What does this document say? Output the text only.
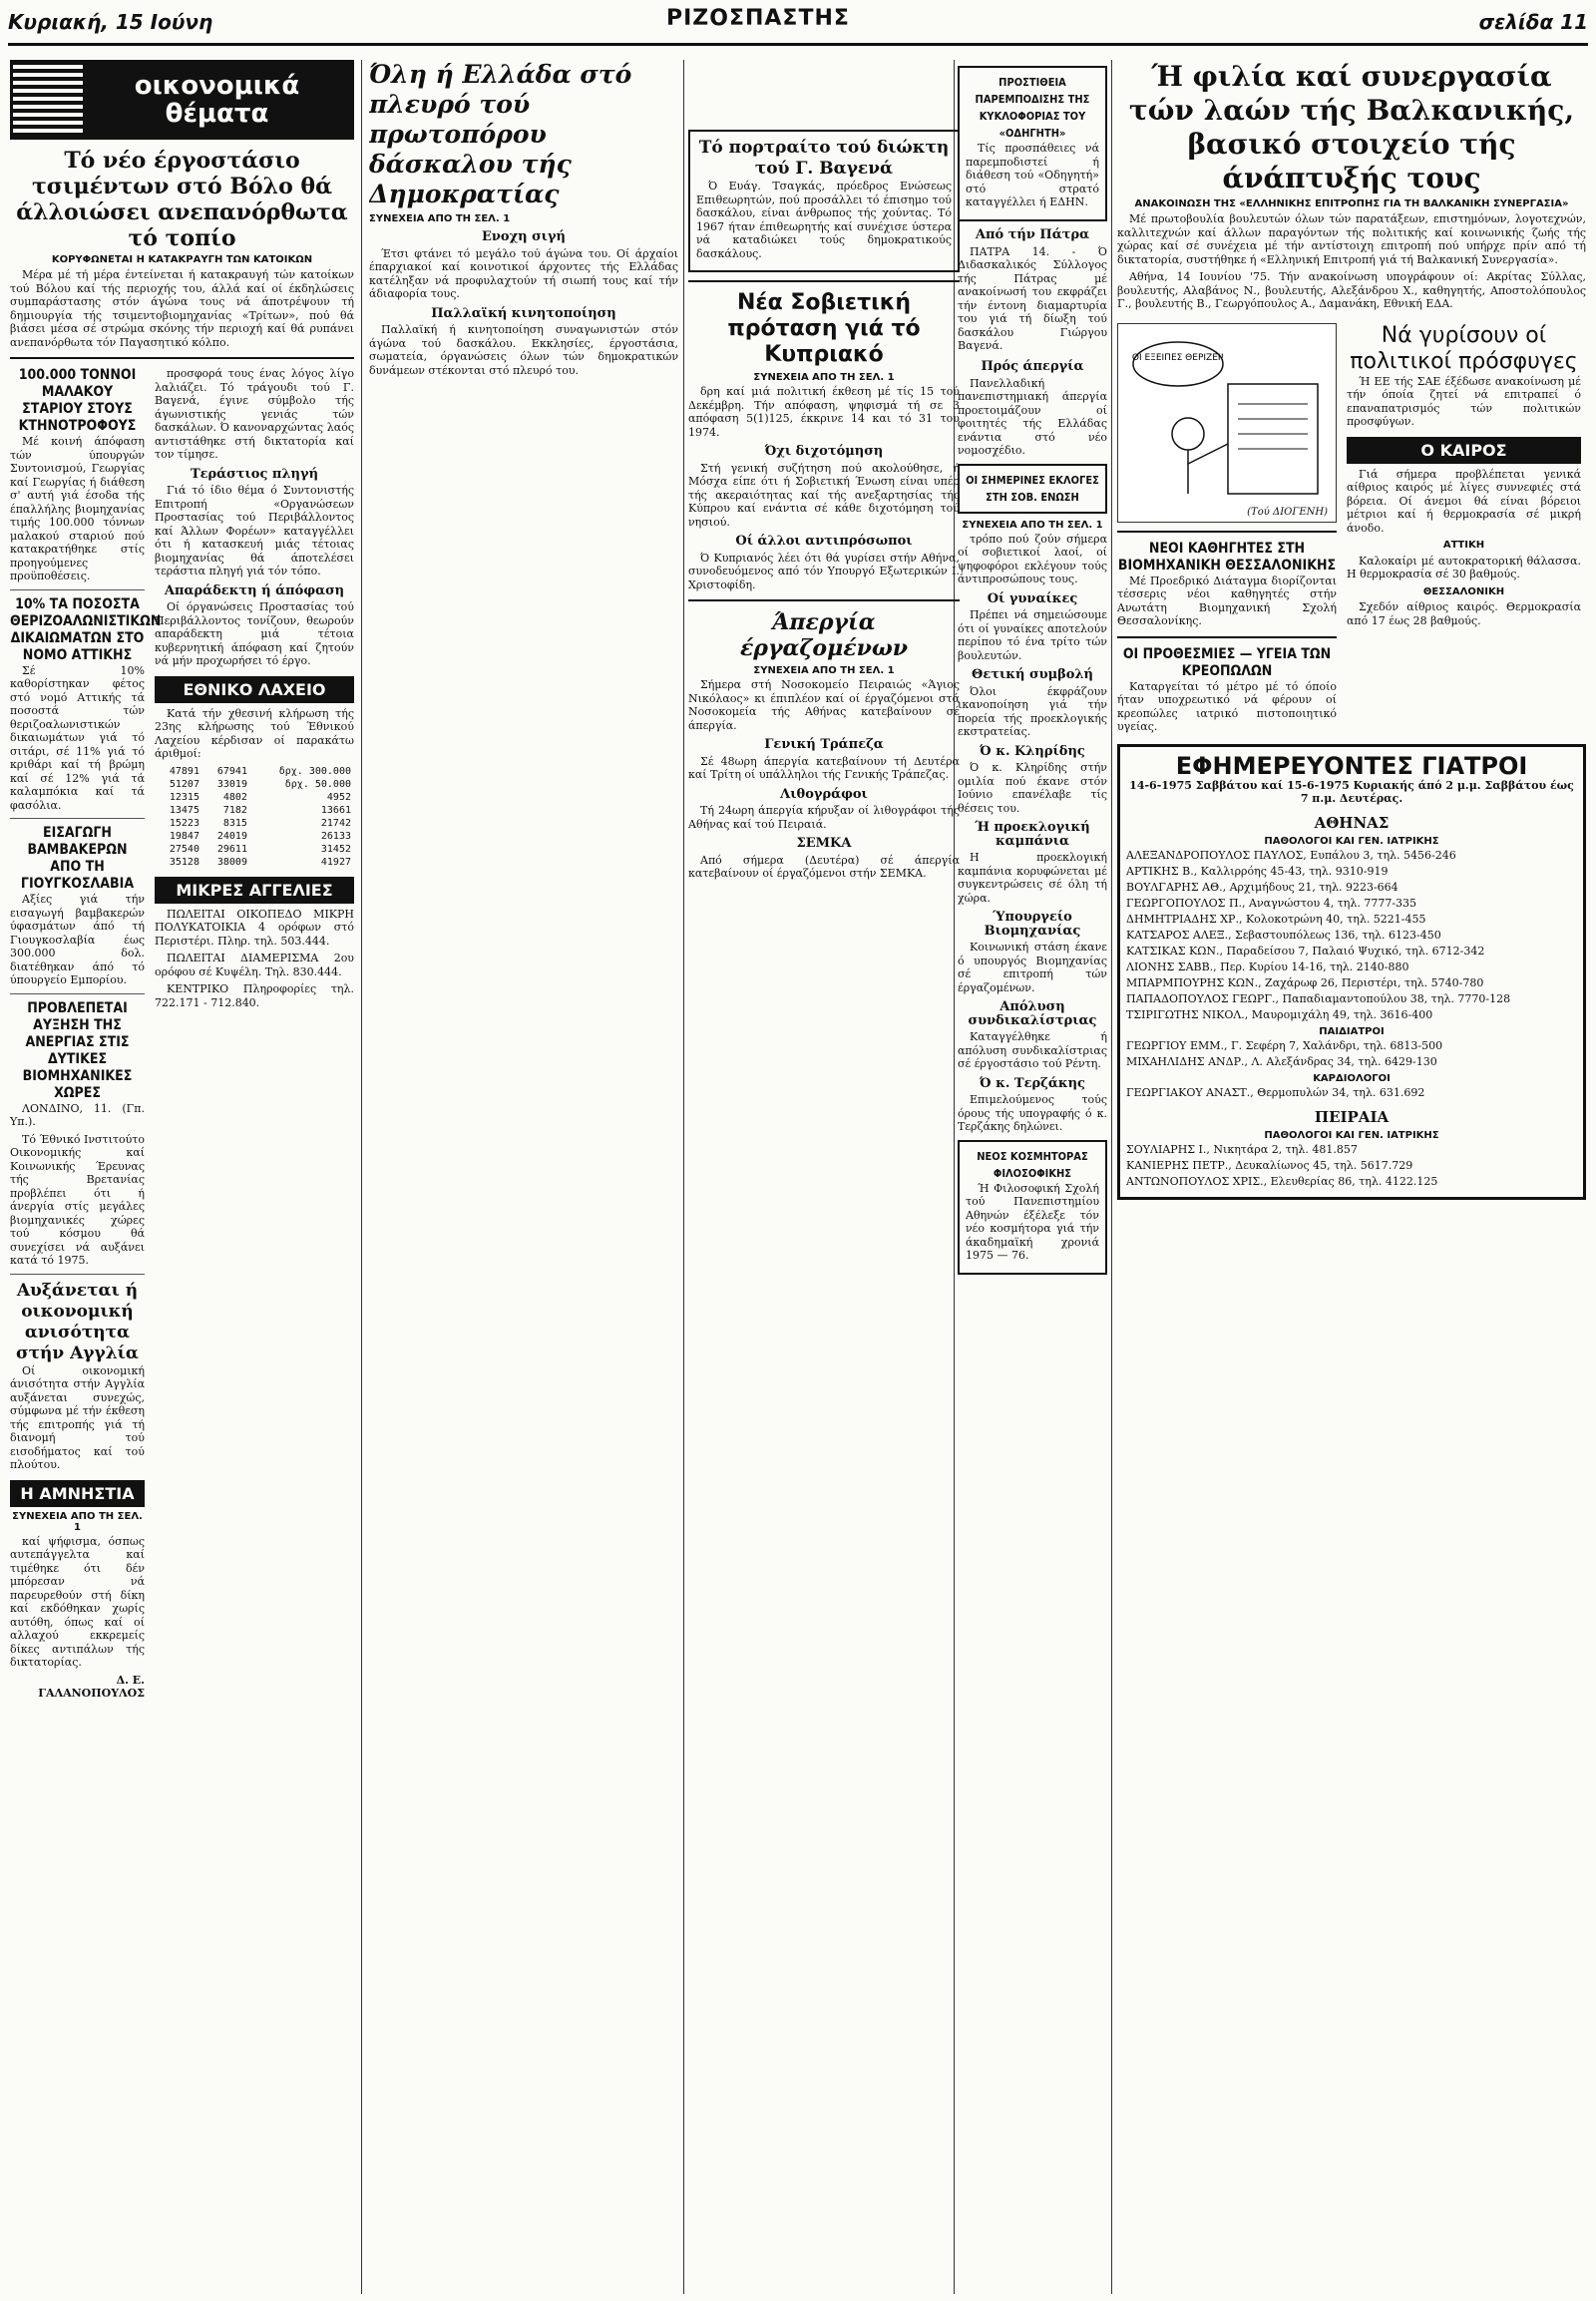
Κυριακή, 15 Ιούνη	ΡΙΖΟΣΠΑΣΤΗΣ	σελίδα 11
οικονομικά
θέματα
Τό νέο έργοστάσιο τσιμέντων στό Βόλο θά άλλοιώσει ανεπανόρθωτα τό τοπίο
ΚΟΡΥΦΩΝΕΤΑΙ Η ΚΑΤΑΚΡΑΥΓΗ ΤΩΝ ΚΑΤΟΙΚΩΝ

Μέρα μέ τή μέρα έντείνεται ή κατακραυγή τών κατοίκων τού Βόλου καί τής περιοχής του, άλλά καί οί έκδηλώσεις συμπαράστασης στόν άγώνα τους νά άποτρέψουν τή δημιουργία τής τσιμεντοβιομηχανίας «Τρίτων», πού θά βιάσει μέσα σέ στρώμα σκόνης τήν περιοχή καί θά ρυπάνει ανεπανόρθωτα τόν Παγασητικό κόλπο.

100.000 ΤΟΝΝΟΙ ΜΑΛΑΚΟΥ ΣΤΑΡΙΟΥ ΣΤΟΥΣ ΚΤΗΝΟΤΡΟΦΟΥΣ

Μέ κοινή άπόφαση τών ύπουργών Συντονισμού, Γεωργίας καί Γεωργίας ή διάθεση σ' αυτή γιά έσοδα τής έπαλλήλης βιομηχανίας τιμής 100.000 τόννων μαλακού σταριού πού κατακρατήθηκε στίς προηγούμενες προϋποθέσεις.

10% ΤΑ ΠΟΣΟΣΤΑ ΘΕΡΙΖΟΑΛΩΝΙΣΤΙΚΩΝ ΔΙΚΑΙΩΜΑΤΩΝ ΣΤΟ ΝΟΜΟ ΑΤΤΙΚΗΣ

Σέ 10% καθορίστηκαν φέτος στό νομό Αττικής τά ποσοστά τών θεριζοαλωνιστικών δικαιωμάτων γιά τό σιτάρι, σέ 11% γιά τό κριθάρι καί τή βρώμη καί σέ 12% γιά τά καλαμπόκια καί τά φασόλια.

ΕΙΣΑΓΩΓΗ ΒΑΜΒΑΚΕΡΩΝ ΑΠΟ ΤΗ ΓΙΟΥΓΚΟΣΛΑΒΙΑ

Αξίες γιά τήν εισαγωγή βαμβακερών ύφασμάτων άπό τή Γιουγκοσλαβία έως 300.000 δολ. διατέθηκαν άπό τό ύπουργείο Εμπορίου.

ΠΡΟΒΛΕΠΕΤΑΙ ΑΥΞΗΣΗ ΤΗΣ ΑΝΕΡΓΙΑΣ ΣΤΙΣ ΔΥΤΙΚΕΣ ΒΙΟΜΗΧΑΝΙΚΕΣ ΧΩΡΕΣ

ΛΟΝΔΙΝΟ, 11. (Γπ. Υπ.).

Τό Έθνικό Ινστιτούτο Οικονομικής καί Κοινωνικής Έρευνας τής Βρετανίας προβλέπει ότι ή άνεργία στίς μεγάλες βιομηχανικές χώρες τού κόσμου θά συνεχίσει νά αυξάνει κατά τό 1975.

Αυξάνεται ή οικονομική ανισότητα στήν Αγγλία

Οί οικονομική άνισότητα στήν Αγγλία αυξάνεται συνεχώς, σύμφωνα μέ τήν έκθεση τής επιτροπής γιά τή διανομή τού εισοδήματος καί τού πλούτου.

Η ΑΜΝΗΣΤΙΑ
ΣΥΝΕΧΕΙΑ ΑΠΟ ΤΗ ΣΕΛ. 1

καί ψήφισμα, όσπως αυτεπάγγελτα καί τιμέθηκε ότι δέν μπόρεσαν νά παρευρεθούν στή δίκη καί εκδόθηκαν χωρίς αυτόθη, όπως καί οί αλλαχού εκκρεμείς δίκες αντιπάλων τής δικτατορίας.

Δ. Ε. ΓΑΛΑΝΟΠΟΥΛΟΣ

προσφορά τους ένας λόγος λίγο λαλιάζει. Τό τράγουδι τού Γ. Βαγενά, έγινε σύμβολο τής άγωνιστικής γενιάς τών δασκάλων. Ό κανοναρχώντας λαός αντιστάθηκε στή δικτατορία καί τον τίμησε.

Τεράστιος πληγή

Γιά τό ίδιο θέμα ό Συντονιστής Επιτροπή «Οργανώσεων Προστασίας τού Περιβάλλοντος καί Άλλων Φορέων» καταγγέλλει ότι ή κατασκευή μιάς τέτοιας βιομηχανίας θά άποτελέσει τεράστια πληγή γιά τόν τόπο.

Απαράδεκτη ή άπόφαση

Οί όργανώσεις Προστασίας τού Περιβάλλοντος τονίζουν, θεωρούν απαράδεκτη μιά τέτοια κυβερνητική άπόφαση καί ζητούν νά μήν προχωρήσει τό έργο.

ΕΘΝΙΚΟ ΛΑΧΕΙΟ

Κατά τήν χθεσινή κλήρωση τής 23ης κλήρωσης τού Έθνικού Λαχείου κέρδισαν οί παρακάτω άριθμοί:

47891	67941	δρχ. 300.000
51207	33019	δρχ. 50.000
12315	4802	4952
13475	7182	13661
15223	8315	21742
19847	24019	26133
27540	29611	31452
35128	38009	41927
ΜΙΚΡΕΣ ΑΓΓΕΛΙΕΣ

ΠΩΛΕΙΤΑΙ ΟΙΚΟΠΕΔΟ ΜΙΚΡΗ ΠΟΛΥΚΑΤΟΙΚΙΑ 4 ορόφων στό Περιστέρι. Πληρ. τηλ. 503.444.

ΠΩΛΕΙΤΑΙ ΔΙΑΜΕΡΙΣΜΑ 2ου ορόφου σέ Κυψέλη. Τηλ. 830.444.

ΚΕΝΤΡΙΚΟ Πληροφορίες τηλ. 722.171 - 712.840.

Όλη ή Ελλάδα στό πλευρό τού πρωτοπόρου δάσκαλου τής Δημοκρατίας
ΣΥΝΕΧΕΙΑ ΑΠΟ ΤΗ ΣΕΛ. 1
Ενοχη σιγή

Έτσι φτάνει τό μεγάλο τού άγώνα του. Οί άρχαίοι έπαρχιακοί καί κοινοτικοί άρχοντες τής Ελλάδας κατέληξαν νά προφυλαχτούν τή σιωπή τους καί τήν άδιαφορία τους.

Παλλαϊκή κινητοποίηση

Παλλαϊκή ή κινητοποίηση συναγωνιστών στόν άγώνα τού δασκάλου. Εκκλησίες, έργοστάσια, σωματεία, όργανώσεις όλων τών δημοκρατικών δυνάμεων στέκονται στό πλευρό του.

Τό πορτραίτο τού διώκτη τού Γ. Βαγενά

Ό Ευάγ. Τσαγκάς, πρόεδρος Ενώσεως Επιθεωρητών, πού προσάλλει τό έπισημο τού δασκάλου, είναι άνθρωπος τής χούντας. Τό 1967 ήταν έπιθεωρητής καί συνέχισε ύστερα νά καταδιώκει τούς δημοκρατικούς δασκάλους.

Νέα Σοβιετική πρόταση γιά τό Κυπριακό
ΣΥΝΕΧΕΙΑ ΑΠΟ ΤΗ ΣΕΛ. 1

δρη καί μιά πολιτική έκθεση μέ τίς 15 τού Δεκέμβρη. Τήν απόφαση, ψηφισμά τή σε 3 απόφαση 5(1)125, έκκρινε 14 και τό 31 του 1974.

Όχι διχοτόμηση

Στή γενική συζήτηση πού ακολούθησε, ή Μόσχα είπε ότι ή Σοβιετική Ένωση είναι υπέρ τής ακεραιότητας καί τής ανεξαρτησίας τής Κύπρου καί ενάντια σέ κάθε διχοτόμηση τού νησιού.

Οί άλλοι αντιπρόσωποι

Ό Κυπριανός λέει ότι θά γυρίσει στήν Αθήνα, συνοδευόμενος από τόν Υπουργό Εξωτερικών Ι. Χριστοφίδη.

Άπεργία έργαζομένων
ΣΥΝΕΧΕΙΑ ΑΠΟ ΤΗ ΣΕΛ. 1

Σήμερα στή Νοσοκομείο Πειραιώς «Άγιος Νικόλαος» κι έπιπλέον καί οί έργαζόμενοι στά Νοσοκομεία τής Αθήνας κατεβαίνουν σέ άπεργία.

Γενική Τράπεζα

Σέ 48ωρη άπεργία κατεβαίνουν τή Δευτέρα καί Τρίτη οί υπάλληλοι τής Γενικής Τράπεζας.

Λιθογράφοι

Τή 24ωρη άπεργία κήρυξαν οί λιθογράφοι τής Αθήνας καί τού Πειραιά.

ΣΕΜΚΑ

Από σήμερα (Δευτέρα) σέ άπεργία κατεβαίνουν οί έργαζόμενοι στήν ΣΕΜΚΑ.

ΠΡΟΣΤΙΘΕΙΑ ΠΑΡΕΜΠΟΔΙΣΗΣ ΤΗΣ ΚΥΚΛΟΦΟΡΙΑΣ ΤΟΥ «ΟΔΗΓΗΤΗ»

Τίς προσπάθειες νά παρεμποδιστεί ή διάθεση τού «Οδηγητή» στό στρατό καταγγέλλει ή ΕΔΗΝ.

Από τήν Πάτρα

ΠΑΤΡΑ 14. - Ό Διδασκαλικός Σύλλογος τής Πάτρας μέ ανακοίνωσή του εκφράζει τήν έντονη διαμαρτυρία του γιά τή δίωξη τού δασκάλου Γιώργου Βαγενά.

Πρός άπεργία

Πανελλαδική πανεπιστημιακή άπεργία προετοιμάζουν οί φοιτητές τής Ελλάδας ενάντια στό νέο νομοσχέδιο.

ΟΙ ΣΗΜΕΡΙΝΕΣ ΕΚΛΟΓΕΣ ΣΤΗ ΣΟΒ. ΕΝΩΣΗ
ΣΥΝΕΧΕΙΑ ΑΠΟ ΤΗ ΣΕΛ. 1

τρόπο πού ζούν σήμερα οί σοβιετικοί λαοί, οί ψηφοφόροι εκλέγουν τούς άντιπροσώπους τους.

Οί γυναίκες

Πρέπει νά σημειώσουμε ότι οί γυναίκες αποτελούν περίπου τό ένα τρίτο τών βουλευτών.

Θετική συμβολή

Όλοι έκφράζουν ικανοποίηση γιά τήν πορεία τής προεκλογικής εκστρατείας.

Ό κ. Κληρίδης

Ό κ. Κληρίδης στήν ομιλία πού έκανε στόν Ιούνιο επανέλαβε τίς θέσεις του.

Ή προεκλογική καμπάνια

Η προεκλογική καμπάνια κορυφώνεται μέ συγκεντρώσεις σέ όλη τή χώρα.

Ύπουργείο Βιομηχανίας

Κοινωνική στάση έκανε ό υπουργός Βιομηχανίας σέ επιτροπή τών έργαζομένων.

Απόλυση συνδικαλίστριας

Καταγγέλθηκε ή απόλυση συνδικαλίστριας σέ έργοστάσιο τού Ρέντη.

Ό κ. Τερζάκης

Επιμελούμενος τούς όρους τής υπογραφής ό κ. Τερζάκης δηλώνει.

ΝΕΟΣ ΚΟΣΜΗΤΟΡΑΣ ΦΙΛΟΣΟΦΙΚΗΣ

Ή Φιλοσοφική Σχολή τού Πανεπιστημίου Αθηνών έξέλεξε τόν νέο κοσμήτορα γιά τήν άκαδημαϊκή χρονιά 1975 — 76.

Ή φιλία καί συνεργασία τών λαών τής Βαλκανικής, βασικό στοιχείο τής άνάπτυξής τους
ΑΝΑΚΟΙΝΩΣΗ ΤΗΣ «ΕΛΛΗΝΙΚΗΣ ΕΠΙΤΡΟΠΗΣ ΓΙΑ ΤΗ ΒΑΛΚΑΝΙΚΗ ΣΥΝΕΡΓΑΣΙΑ»

Μέ πρωτοβουλία βουλευτών όλων τών παρατάξεων, επιστημόνων, λογοτεχνών, καλλιτεχνών καί άλλων παραγόντων τής πολιτικής καί κοινωνικής ζωής τής χώρας καί σέ συνέχεια μέ τήν αντίστοιχη επιτροπή πού υπήρχε πρίν από τή δικτατορία, συστήθηκε ή «Ελληνική Επιτροπή γιά τή Βαλκανική Συνεργασία».

Αθήνα, 14 Ιουνίου '75. Τήν ανακοίνωση υπογράφουν οί: Ακρίτας Σύλλας, βουλευτής, Αλαβάνος Ν., βουλευτής, Αλεξάνδρου Χ., καθηγητής, Αποστολόπουλος Γ., βουλευτής Β., Γεωργόπουλος Α., Δαμανάκη, Εθνική ΕΔΑ.

ΟΙ ΕΞΕΙΠΕΣ ΘΕΡΙΖΕΙ!
(Τού ΔΙΟΓΕΝΗ)
ΝΕΟΙ ΚΑΘΗΓΗΤΕΣ ΣΤΗ ΒΙΟΜΗΧΑΝΙΚΗ ΘΕΣΣΑΛΟΝΙΚΗΣ

Μέ Προεδρικό Διάταγμα διορίζονται τέσσερις νέοι καθηγητές στήν Ανωτάτη Βιομηχανική Σχολή Θεσσαλονίκης.

ΟΙ ΠΡΟΘΕΣΜΙΕΣ — ΥΓΕΙΑ ΤΩΝ ΚΡΕΟΠΩΛΩΝ

Καταργείται τό μέτρο μέ τό όποίο ήταν υποχρεωτικό νά φέρουν οί κρεοπώλες ιατρικό πιστοποιητικό υγείας.

Νά γυρίσουν οί πολιτικοί πρόσφυγες

Ή ΕΕ τής ΣΑΕ έξέδωσε ανακοίνωση μέ τήν όποία ζητεί νά επιτραπεί ό επαναπατρισμός τών πολιτικών προσφύγων.

Ο ΚΑΙΡΟΣ

Γιά σήμερα προβλέπεται γενικά αίθριος καιρός μέ λίγες συννεφιές στά βόρεια. Οί άνεμοι θά είναι βόρειοι μέτριοι καί ή θερμοκρασία σέ μικρή άνοδο.

ΑΤΤΙΚΗ

Καλοκαίρι μέ αυτοκρατορική θάλασσα. Η θερμοκρασία σέ 30 βαθμούς.

ΘΕΣΣΑΛΟΝΙΚΗ

Σχεδόν αίθριος καιρός. Θερμοκρασία από 17 έως 28 βαθμούς.

ΕΦΗΜΕΡΕΥΟΝΤΕΣ ΓΙΑΤΡΟΙ
14-6-1975 Σαββάτου καί 15-6-1975 Κυριακής άπό 2 μ.μ. Σαββάτου έως 7 π.μ. Δευτέρας.
ΑΘΗΝΑΣ
ΠΑΘΟΛΟΓΟΙ ΚΑΙ ΓΕΝ. ΙΑΤΡΙΚΗΣ
ΑΛΕΞΑΝΔΡΟΠΟΥΛΟΣ ΠΑΥΛΟΣ, Ευπάλου 3, τηλ. 5456-246
ΑΡΤΙΚΗΣ Β., Καλλιρρόης 45-43, τηλ. 9310-919
ΒΟΥΛΓΑΡΗΣ ΑΘ., Αρχιμήδους 21, τηλ. 9223-664
ΓΕΩΡΓΟΠΟΥΛΟΣ Π., Αναγνώστου 4, τηλ. 7777-335
ΔΗΜΗΤΡΙΑΔΗΣ ΧΡ., Κολοκοτρώνη 40, τηλ. 5221-455
ΚΑΤΣΑΡΟΣ ΑΛΕΞ., Σεβαστουπόλεως 136, τηλ. 6123-450
ΚΑΤΣΙΚΑΣ ΚΩΝ., Παραδείσου 7, Παλαιό Ψυχικό, τηλ. 6712-342
ΛΙΟΝΗΣ ΣΑΒΒ., Περ. Κυρίου 14-16, τηλ. 2140-880
ΜΠΑΡΜΠΟΥΡΗΣ ΚΩΝ., Ζαχάρωφ 26, Περιστέρι, τηλ. 5740-780
ΠΑΠΑΔΟΠΟΥΛΟΣ ΓΕΩΡΓ., Παπαδιαμαντοπούλου 38, τηλ. 7770-128
ΤΣΙΡΙΓΩΤΗΣ ΝΙΚΟΛ., Μαυρομιχάλη 49, τηλ. 3616-400
ΠΑΙΔΙΑΤΡΟΙ
ΓΕΩΡΓΙΟΥ ΕΜΜ., Γ. Σεφέρη 7, Χαλάνδρι, τηλ. 6813-500
ΜΙΧΑΗΛΙΔΗΣ ΑΝΔΡ., Λ. Αλεξάνδρας 34, τηλ. 6429-130
ΚΑΡΔΙΟΛΟΓΟΙ
ΓΕΩΡΓΙΑΚΟΥ ΑΝΑΣΤ., Θερμοπυλών 34, τηλ. 631.692
ΠΕΙΡΑΙΑ
ΠΑΘΟΛΟΓΟΙ ΚΑΙ ΓΕΝ. ΙΑΤΡΙΚΗΣ
ΣΟΥΛΙΑΡΗΣ Ι., Νικητάρα 2, τηλ. 481.857
ΚΑΝΙΕΡΗΣ ΠΕΤΡ., Δευκαλίωνος 45, τηλ. 5617.729
ΑΝΤΩΝΟΠΟΥΛΟΣ ΧΡΙΣ., Ελευθερίας 86, τηλ. 4122.125
